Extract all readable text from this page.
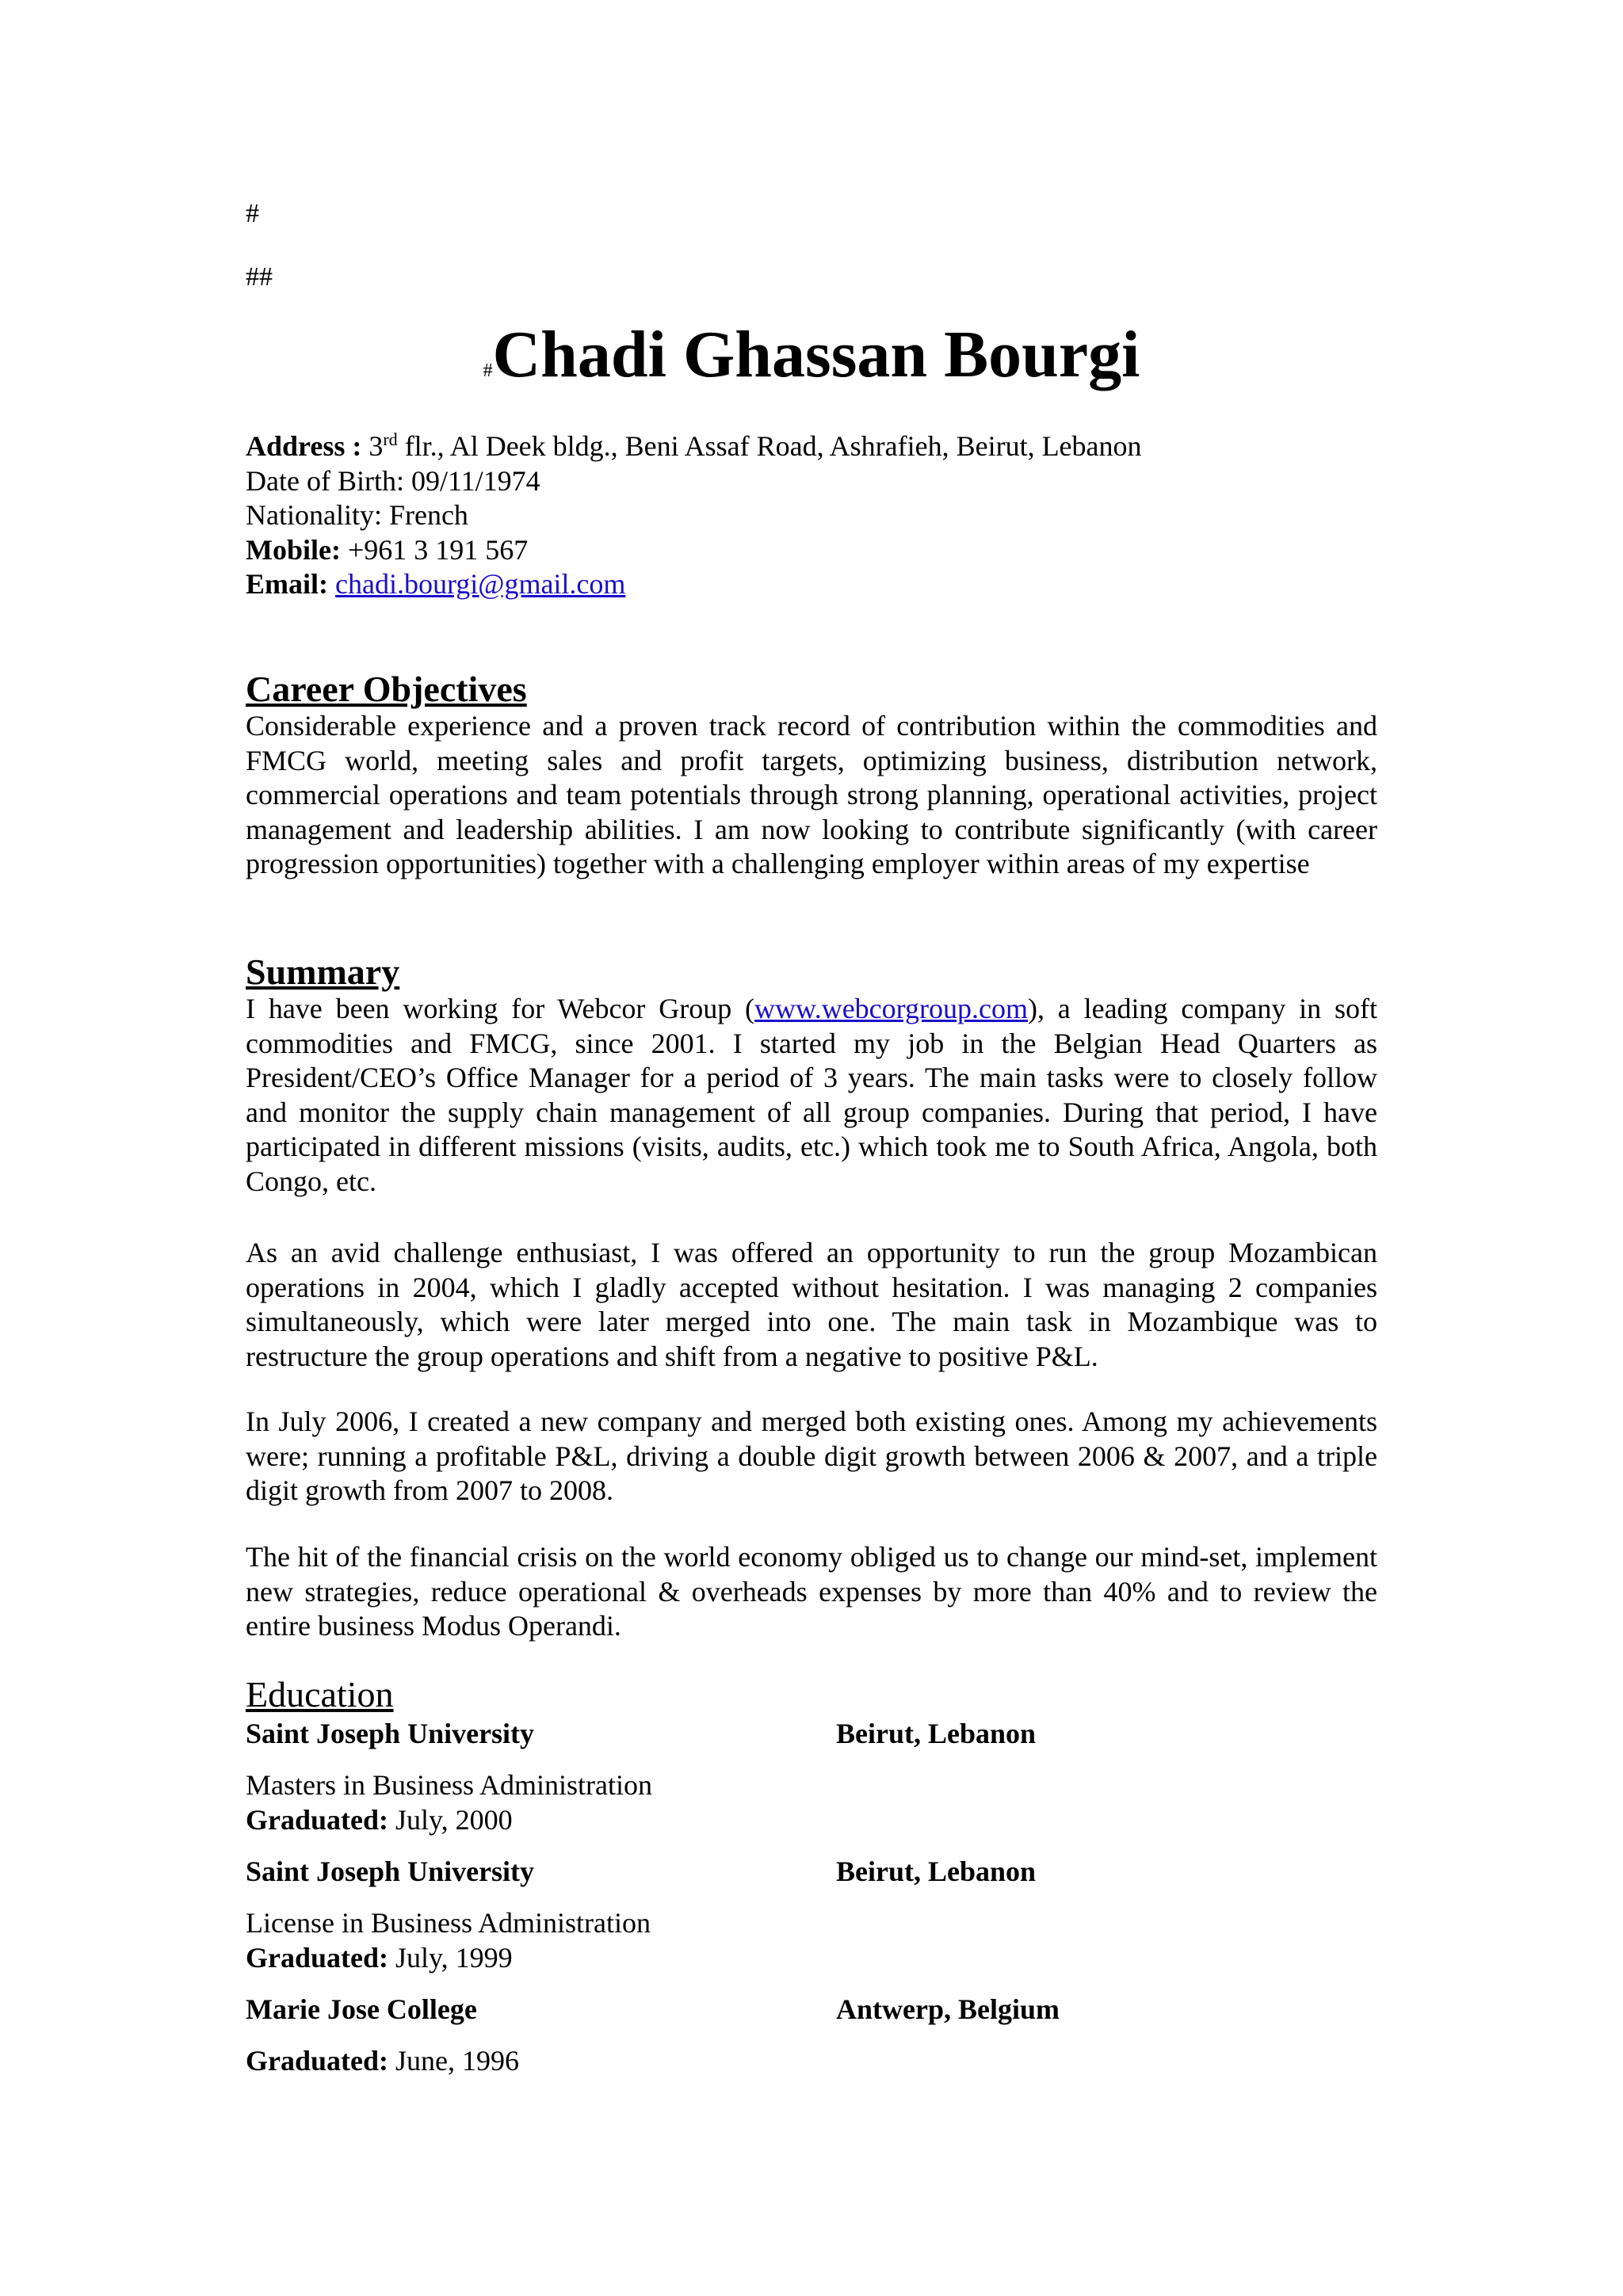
#
##
#Chadi Ghassan Bourgi
Address : 3rd flr., Al Deek bldg., Beni Assaf Road, Ashrafieh, Beirut, Lebanon
Date of Birth: 09/11/1974
Nationality: French
Mobile: +961 3 191 567
Email: chadi.bourgi@gmail.com
Career Objectives

Considerable experience and a proven track record of contribution within the commodities and FMCG world, meeting sales and profit targets, optimizing business, distribution network, commercial operations and team potentials through strong planning, operational activities, project management and leadership abilities. I am now looking to contribute significantly (with career progression opportunities) together with a challenging employer within areas of my expertise

Summary

I have been working for Webcor Group (www.webcorgroup.com), a leading company in soft commodities and FMCG, since 2001. I started my job in the Belgian Head Quarters as President/CEO’s Office Manager for a period of 3 years. The main tasks were to closely follow and monitor the supply chain management of all group companies. During that period, I have participated in different missions (visits, audits, etc.) which took me to South Africa, Angola, both Congo, etc.

As an avid challenge enthusiast, I was offered an opportunity to run the group Mozambican operations in 2004, which I gladly accepted without hesitation. I was managing 2 companies simultaneously, which were later merged into one. The main task in Mozambique was to restructure the group operations and shift from a negative to positive P&L.

In July 2006, I created a new company and merged both existing ones. Among my achievements were; running a profitable P&L, driving a double digit growth between 2006 & 2007, and a triple digit growth from 2007 to 2008.

The hit of the financial crisis on the world economy obliged us to change our mind-set, implement new strategies, reduce operational & overheads expenses by more than 40% and to review the entire business Modus Operandi.

Education
Saint Joseph University	Beirut, Lebanon
Masters in Business Administration
Graduated: July, 2000
Saint Joseph University	Beirut, Lebanon
License in Business Administration
Graduated: July, 1999
Marie Jose College	Antwerp, Belgium
Graduated: June, 1996
